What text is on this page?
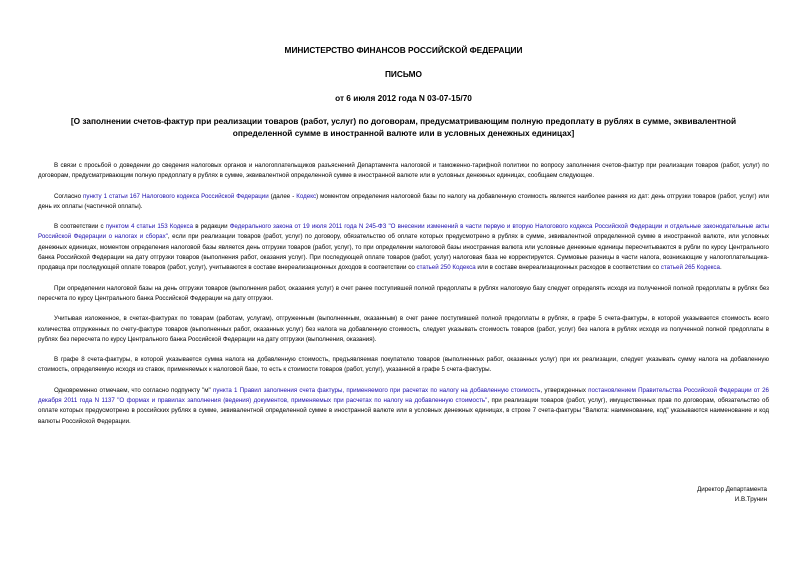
МИНИСТЕРСТВО ФИНАНСОВ РОССИЙСКОЙ ФЕДЕРАЦИИ
ПИСЬМО
от 6 июля 2012 года N 03-07-15/70
[О заполнении счетов-фактур при реализации товаров (работ, услуг) по договорам, предусматривающим полную предоплату в рублях в сумме, эквивалентной определенной сумме в иностранной валюте или в условных денежных единицах]

В связи с просьбой о доведении до сведения налоговых органов и налогоплательщиков разъяснений Департамента налоговой и таможенно-тарифной политики по вопросу заполнения счетов-фактур при реализации товаров (работ, услуг) по договорам, предусматривающим полную предоплату в рублях в сумме, эквивалентной определенной сумме в иностранной валюте или в условных денежных единицах, сообщаем следующее.

Согласно пункту 1 статьи 167 Налогового кодекса Российской Федерации (далее - Кодекс) моментом определения налоговой базы по налогу на добавленную стоимость является наиболее ранняя из дат: день отгрузки товаров (работ, услуг) или день их оплаты (частичной оплаты).

В соответствии с пунктом 4 статьи 153 Кодекса в редакции Федерального закона от 19 июля 2011 года N 245-ФЗ "О внесении изменений в части первую и вторую Налогового кодекса Российской Федерации и отдельные законодательные акты Российской Федерации о налогах и сборах", если при реализации товаров (работ, услуг) по договору, обязательство об оплате которых предусмотрено в рублях в сумме, эквивалентной определенной сумме в иностранной валюте, или условных денежных единицах, моментом определения налоговой базы является день отгрузки товаров (работ, услуг), то при определении налоговой базы иностранная валюта или условные денежные единицы пересчитываются в рубли по курсу Центрального банка Российской Федерации на дату отгрузки товаров (выполнения работ, оказания услуг). При последующей оплате товаров (работ, услуг) налоговая база не корректируется. Суммовые разницы в части налога, возникающие у налогоплательщика-продавца при последующей оплате товаров (работ, услуг), учитываются в составе внереализационных доходов в соответствии со статьей 250 Кодекса или в составе внереализационных расходов в соответствии со статьей 265 Кодекса.

При определении налоговой базы на день отгрузки товаров (выполнения работ, оказания услуг) в счет ранее поступившей полной предоплаты в рублях налоговую базу следует определять исходя из полученной полной предоплаты в рублях без пересчета по курсу Центрального банка Российской Федерации на дату отгрузки.

Учитывая изложенное, в счетах-фактурах по товарам (работам, услугам), отгруженным (выполненным, оказанным) в счет ранее поступившей полной предоплаты в рублях, в графе 5 счета-фактуры, в которой указывается стоимость всего количества отгруженных по счету-фактуре товаров (выполненных работ, оказанных услуг) без налога на добавленную стоимость, следует указывать стоимость товаров (работ, услуг) без налога в рублях исходя из полученной полной предоплаты в рублях без пересчета по курсу Центрального банка Российской Федерации на дату отгрузки (выполнения, оказания).

В графе 8 счета-фактуры, в которой указывается сумма налога на добавленную стоимость, предъявляемая покупателю товаров (выполненных работ, оказанных услуг) при их реализации, следует указывать сумму налога на добавленную стоимость, определяемую исходя из ставок, применяемых к налоговой базе, то есть к стоимости товаров (работ, услуг), указанной в графе 5 счета-фактуры.

Одновременно отмечаем, что согласно подпункту "м" пункта 1 Правил заполнения счета фактуры, применяемого при расчетах по налогу на добавленную стоимость, утвержденных постановлением Правительства Российской Федерации от 26 декабря 2011 года N 1137 "О формах и правилах заполнения (ведения) документов, применяемых при расчетах по налогу на добавленную стоимость", при реализации товаров (работ, услуг), имущественных прав по договорам, обязательство об оплате которых предусмотрено в российских рублях в сумме, эквивалентной определенной сумме в иностранной валюте или в условных денежных единицах, в строке 7 счета-фактуры "Валюта: наименование, код" указываются наименование и код валюты Российской Федерации.

Директор Департамента
И.В.Трунин
